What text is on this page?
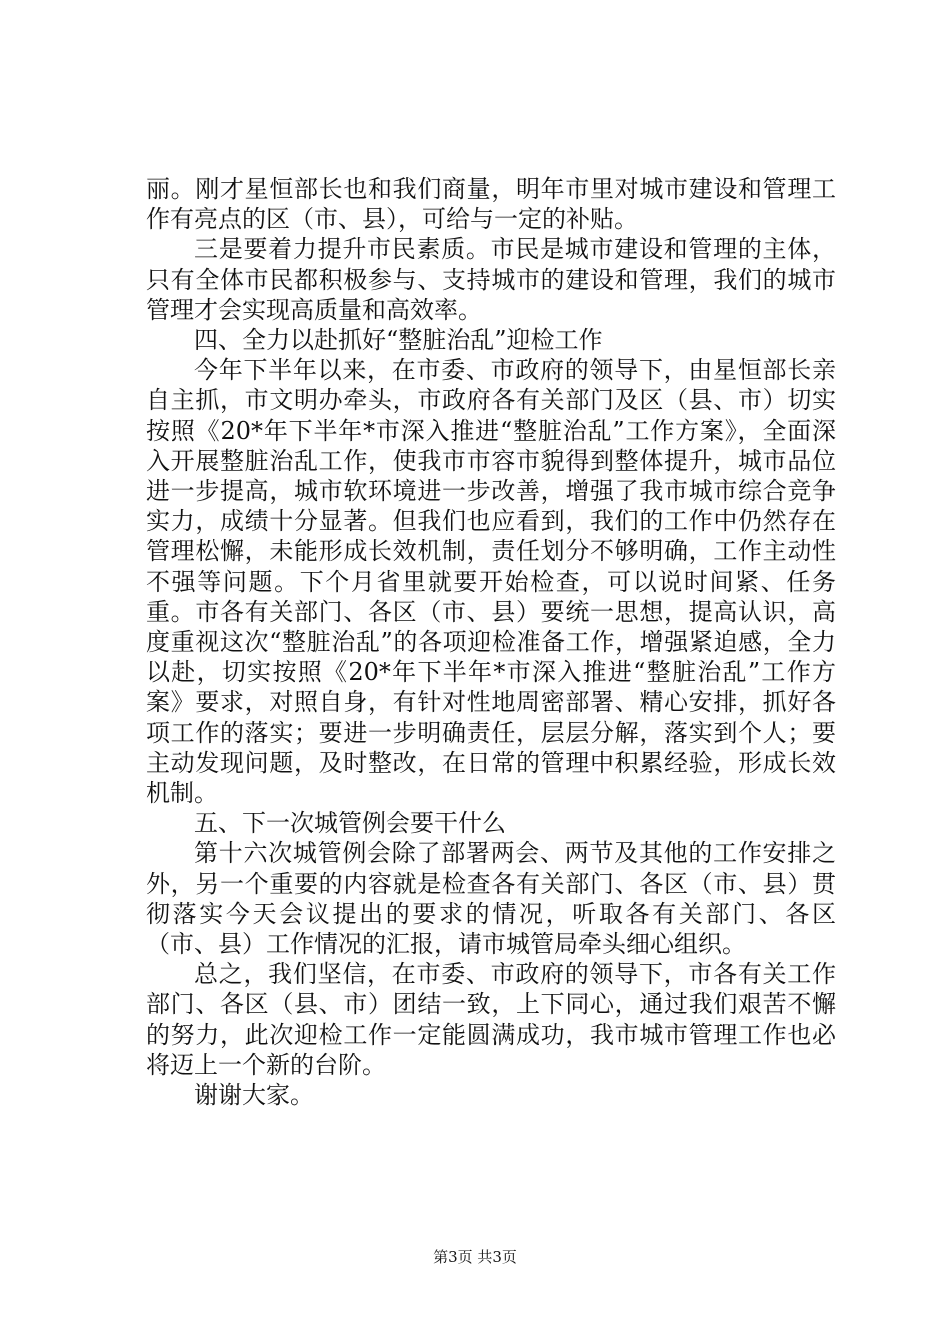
丽。刚才星恒部长也和我们商量，明年市里对城市建设和管理工作有亮点的区（市、县），可给与一定的补贴。

三是要着力提升市民素质。市民是城市建设和管理的主体，只有全体市民都积极参与、支持城市的建设和管理，我们的城市管理才会实现高质量和高效率。

四、全力以赴抓好“整脏治乱”迎检工作

今年下半年以来，在市委、市政府的领导下，由星恒部长亲自主抓，市文明办牵头，市政府各有关部门及区（县、市）切实按照《20*年下半年*市深入推进“整脏治乱”工作方案》，全面深入开展整脏治乱工作，使我市市容市貌得到整体提升，城市品位进一步提高，城市软环境进一步改善，增强了我市城市综合竞争实力，成绩十分显著。但我们也应看到，我们的工作中仍然存在管理松懈，未能形成长效机制，责任划分不够明确，工作主动性不强等问题。下个月省里就要开始检查，可以说时间紧、任务重。市各有关部门、各区（市、县）要统一思想，提高认识，高度重视这次“整脏治乱”的各项迎检准备工作，增强紧迫感，全力以赴，切实按照《20*年下半年*市深入推进“整脏治乱”工作方案》要求，对照自身，有针对性地周密部署、精心安排，抓好各项工作的落实；要进一步明确责任，层层分解，落实到个人；要主动发现问题，及时整改，在日常的管理中积累经验，形成长效机制。

五、下一次城管例会要干什么

第十六次城管例会除了部署两会、两节及其他的工作安排之外，另一个重要的内容就是检查各有关部门、各区（市、县）贯彻落实今天会议提出的要求的情况，听取各有关部门、各区（市、县）工作情况的汇报，请市城管局牵头细心组织。

总之，我们坚信，在市委、市政府的领导下，市各有关工作部门、各区（县、市）团结一致，上下同心，通过我们艰苦不懈的努力，此次迎检工作一定能圆满成功，我市城市管理工作也必将迈上一个新的台阶。

谢谢大家。

第3页 共3页
